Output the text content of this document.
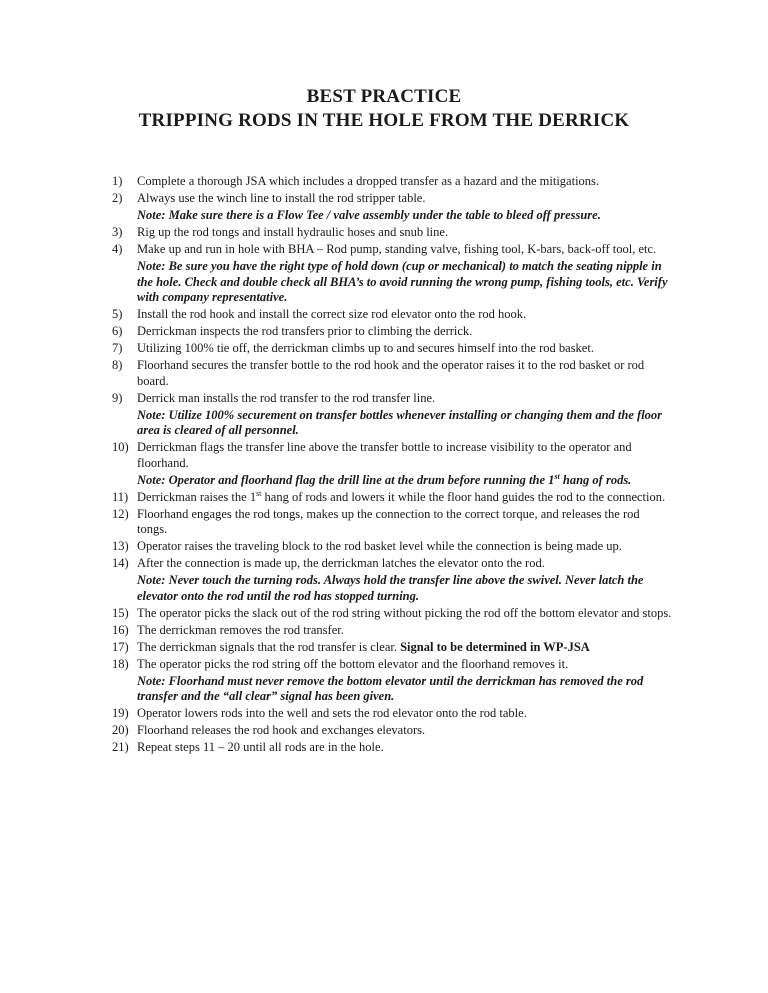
BEST PRACTICE
TRIPPING RODS IN THE HOLE FROM THE DERRICK
1)	Complete a thorough JSA which includes a dropped transfer as a hazard and the mitigations.
2)	Always use the winch line to install the rod stripper table.
Note: Make sure there is a Flow Tee / valve assembly under the table to bleed off pressure.
3)	Rig up the rod tongs and install hydraulic hoses and snub line.
4)	Make up and run in hole with BHA – Rod pump, standing valve, fishing tool, K-bars, back-off tool, etc.
Note: Be sure you have the right type of hold down (cup or mechanical) to match the seating nipple in the hole. Check and double check all BHA’s to avoid running the wrong pump, fishing tools, etc. Verify with company representative.
5)	Install the rod hook and install the correct size rod elevator onto the rod hook.
6)	Derrickman inspects the rod transfers prior to climbing the derrick.
7)	Utilizing 100% tie off, the derrickman climbs up to and secures himself into the rod basket.
8)	Floorhand secures the transfer bottle to the rod hook and the operator raises it to the rod basket or rod board.
9)	Derrick man installs the rod transfer to the rod transfer line.
Note: Utilize 100% securement on transfer bottles whenever installing or changing them and the floor area is cleared of all personnel.
10) Derrickman flags the transfer line above the transfer bottle to increase visibility to the operator and floorhand.
Note: Operator and floorhand flag the drill line at the drum before running the 1st hang of rods.
11) Derrickman raises the 1st hang of rods and lowers it while the floor hand guides the rod to the connection.
12) Floorhand engages the rod tongs, makes up the connection to the correct torque, and releases the rod tongs.
13) Operator raises the traveling block to the rod basket level while the connection is being made up.
14) After the connection is made up, the derrickman latches the elevator onto the rod.
Note: Never touch the turning rods. Always hold the transfer line above the swivel. Never latch the elevator onto the rod until the rod has stopped turning.
15) The operator picks the slack out of the rod string without picking the rod off the bottom elevator and stops.
16) The derrickman removes the rod transfer.
17) The derrickman signals that the rod transfer is clear. Signal to be determined in WP-JSA
18) The operator picks the rod string off the bottom elevator and the floorhand removes it.
Note: Floorhand must never remove the bottom elevator until the derrickman has removed the rod transfer and the “all clear” signal has been given.
19) Operator lowers rods into the well and sets the rod elevator onto the rod table.
20) Floorhand releases the rod hook and exchanges elevators.
21) Repeat steps 11 – 20 until all rods are in the hole.
